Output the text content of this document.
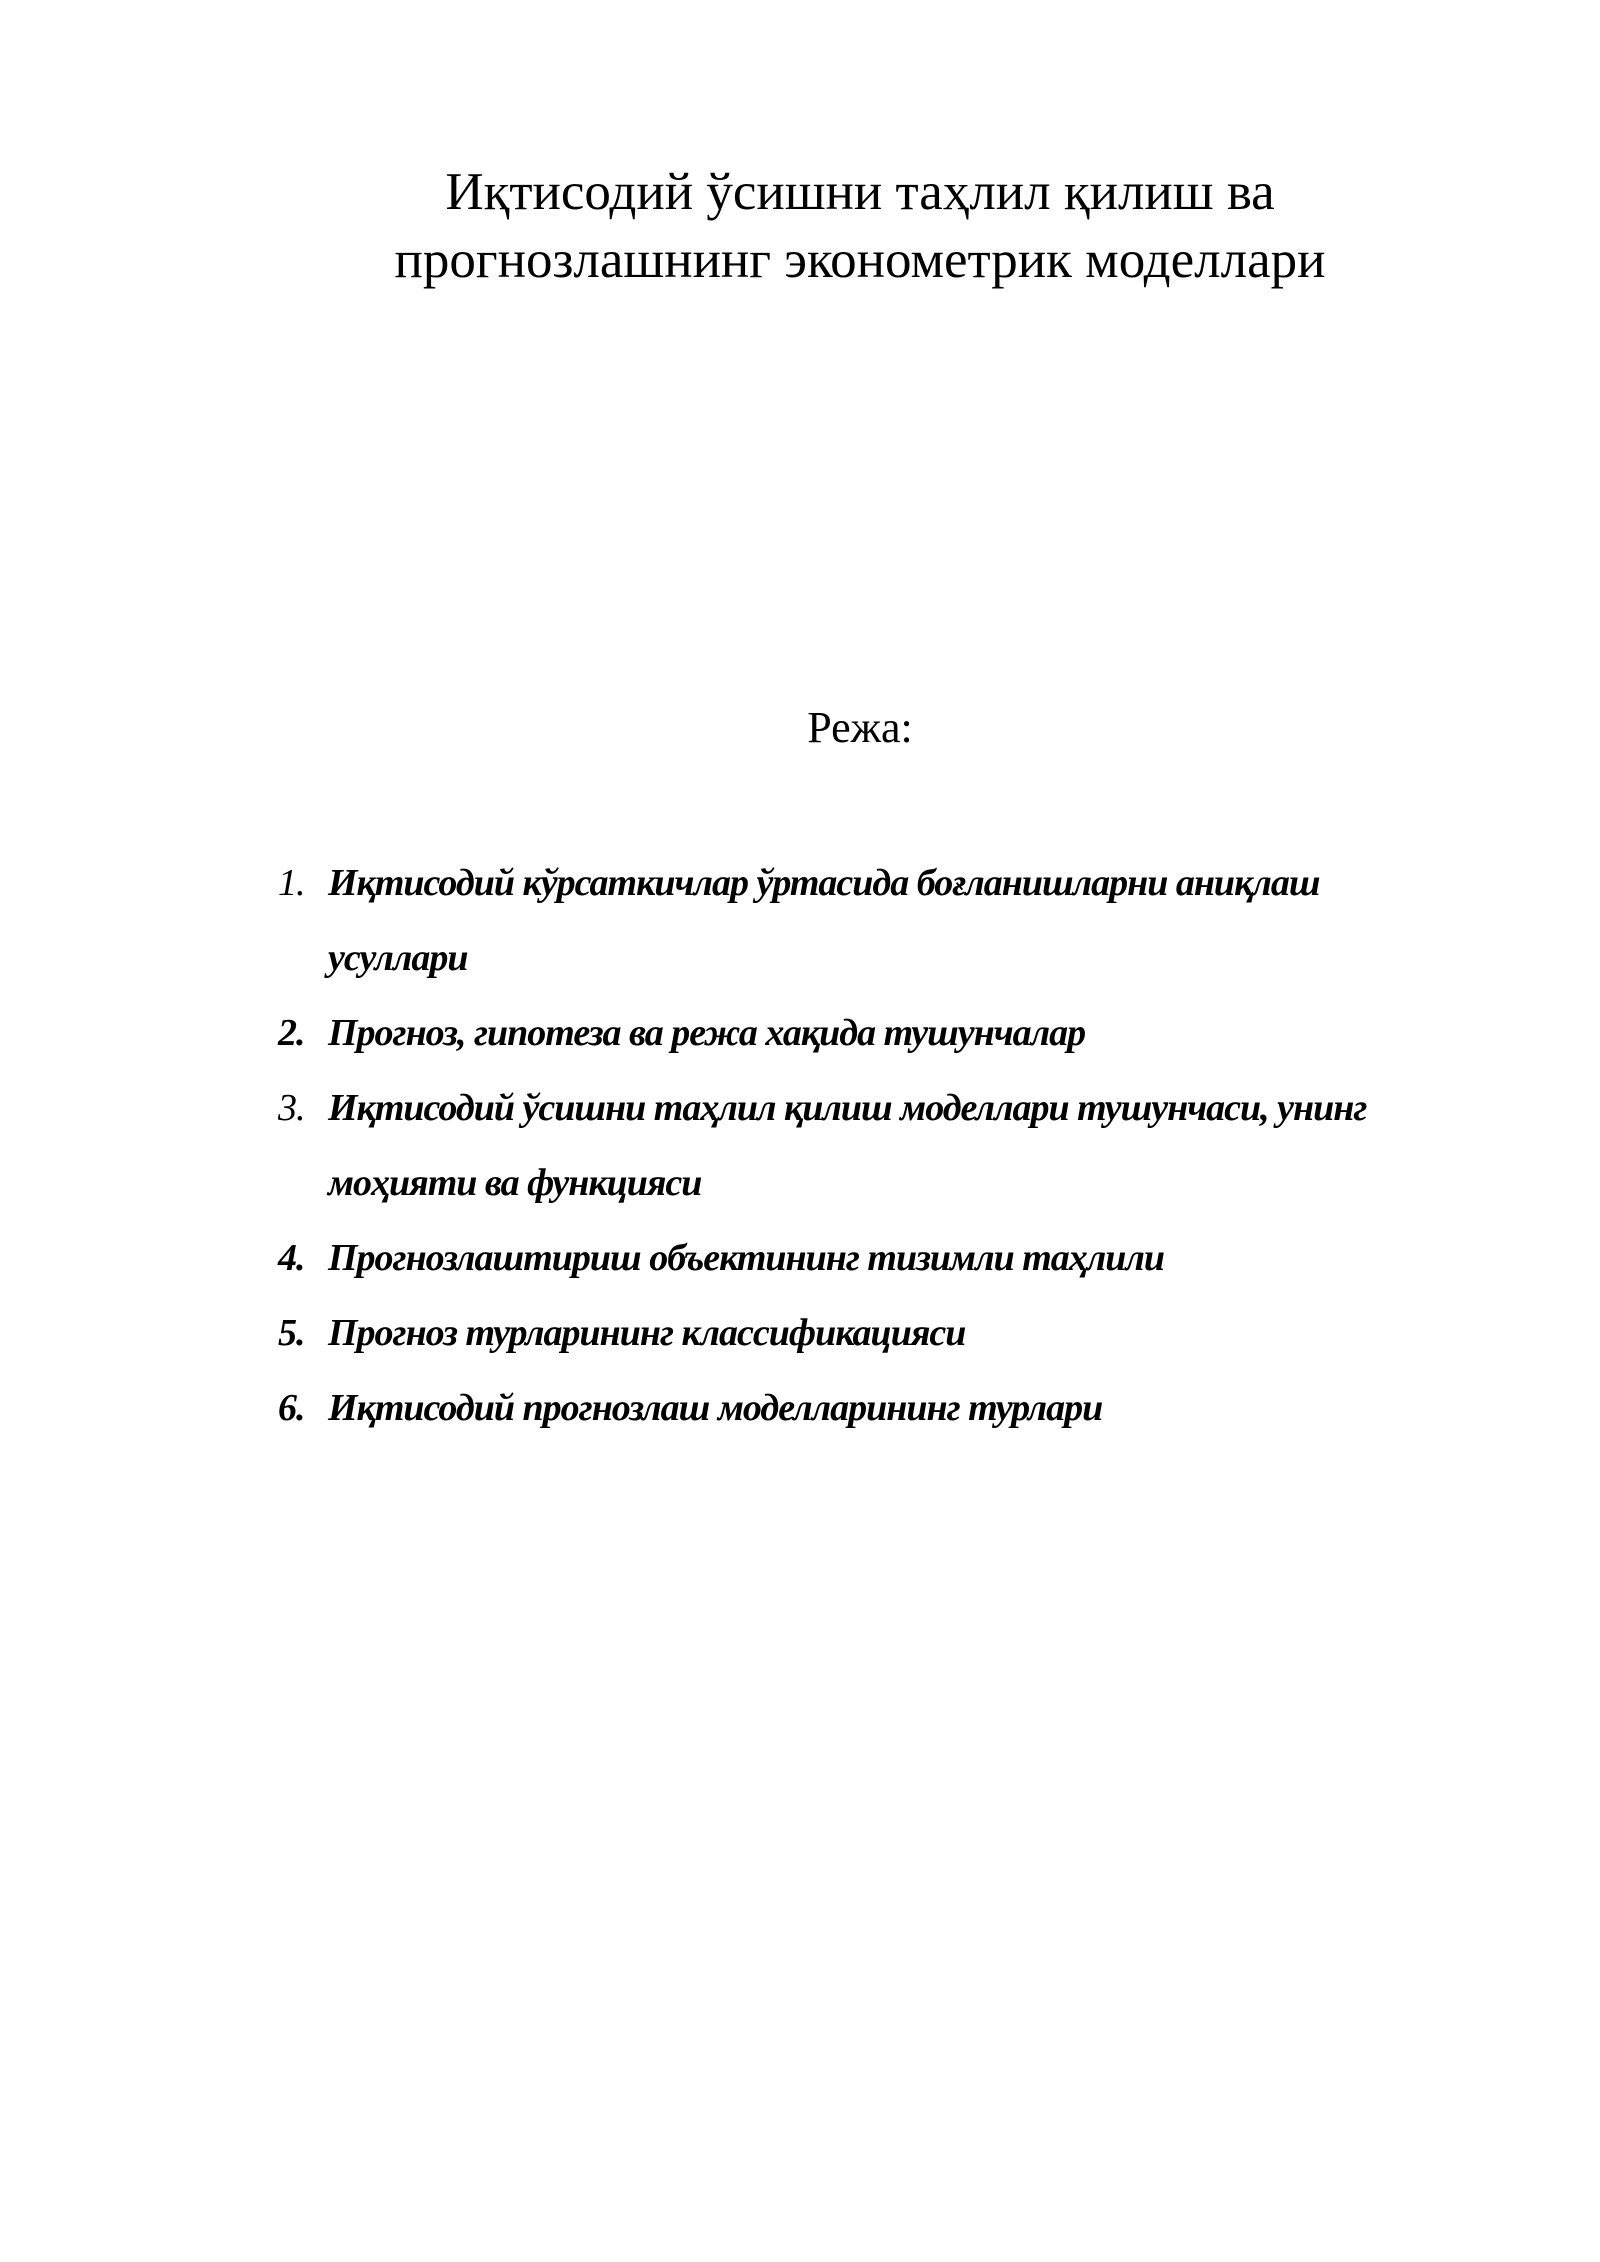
Иқтисодий ўсишни таҳлил қилиш ва
прогнозлашнинг эконометрик моделлари
Режа:
1. Иқтисодий кўрсаткичлар ўртасида боғланишларни аниқлаш усуллари
2. Прогноз, гипотеза ва режа хақида тушунчалар
3. Иқтисодий ўсишни таҳлил қилиш моделлари тушунчаси, унинг моҳияти ва функцияси
4. Прогнозлаштириш объектининг тизимли таҳлили
5. Прогноз турларининг классификацияси
6. Иқтисодий прогнозлаш моделларининг турлари
